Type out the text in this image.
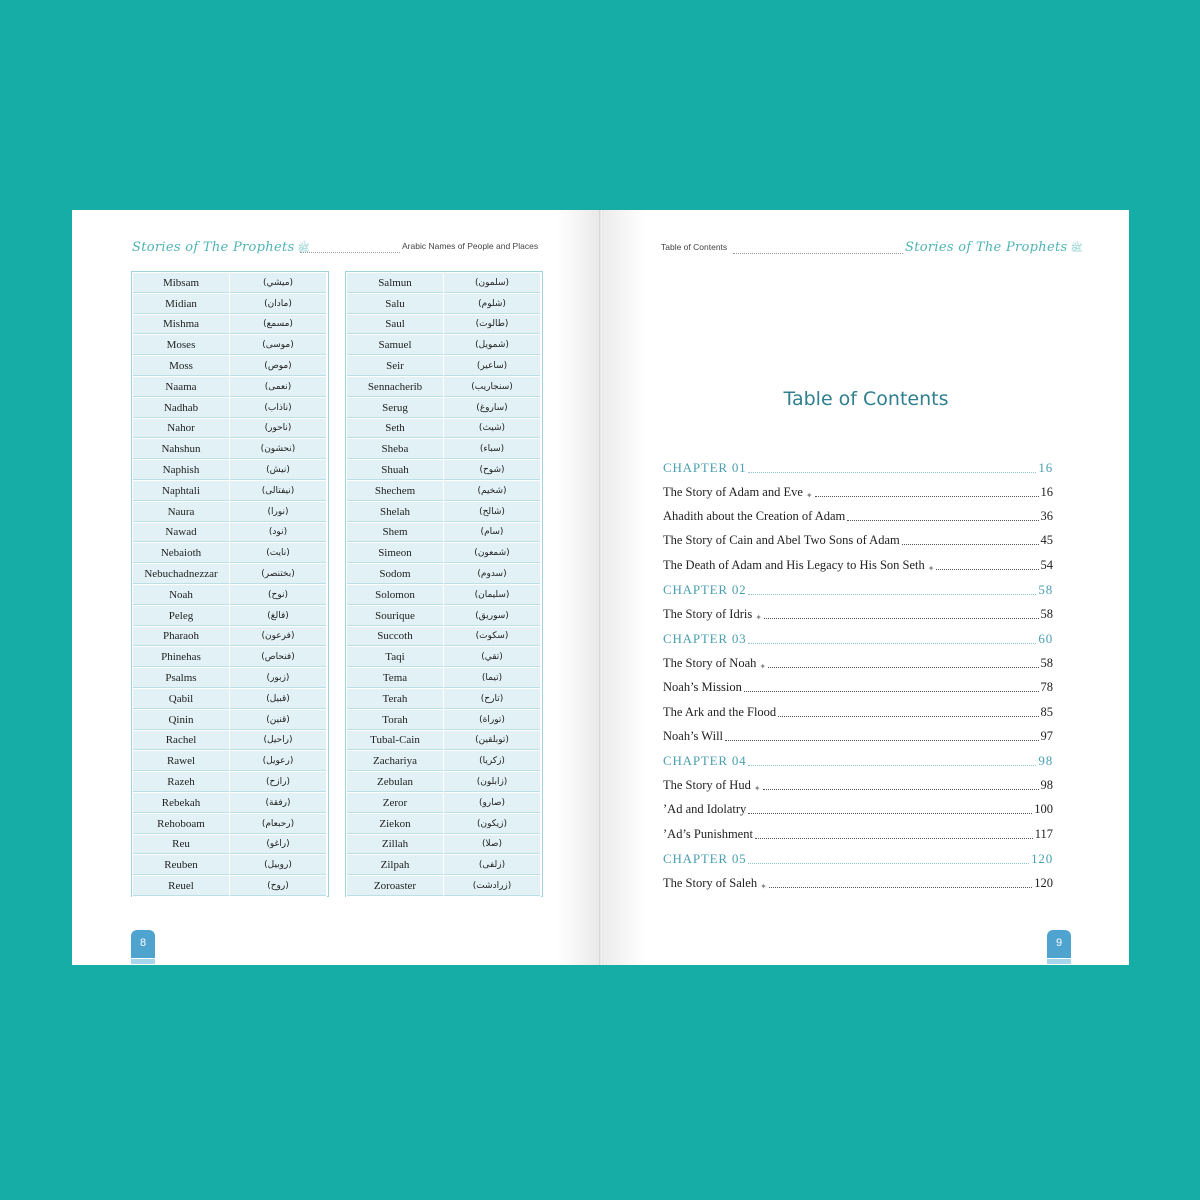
Stories of The Prophets ﷺ	Arabic Names of People and Places
Mibsam	(ميشي)
Midian	(مادان)
Mishma	(مسمع)
Moses	(موسى)
Moss	(موص)
Naama	(نعمى)
Nadhab	(ناذاب)
Nahor	(ناحور)
Nahshun	(نحشون)
Naphish	(نيش)
Naphtali	(نيفتالى)
Naura	(نورا)
Nawad	(نود)
Nebaioth	(نايت)
Nebuchadnezzar	(بختنصر)
Noah	(نوح)
Peleg	(فالغ)
Pharaoh	(فرعون)
Phinehas	(فنحاص)
Psalms	(زبور)
Qabil	(قبيل)
Qinin	(قنين)
Rachel	(راحيل)
Rawel	(رعويل)
Razeh	(رازح)
Rebekah	(رفقة)
Rehoboam	(رحبعام)
Reu	(راغو)
Reuben	(روبيل)
Reuel	(روح)
Salmun	(سلمون)
Salu	(شلوم)
Saul	(طالوت)
Samuel	(شمويل)
Seir	(ساعير)
Sennacherib	(سنجاريب)
Serug	(ساروغ)
Seth	(شيث)
Sheba	(سباء)
Shuah	(شوح)
Shechem	(شخيم)
Shelah	(شالح)
Shem	(سام)
Simeon	(شمعون)
Sodom	(سدوم)
Solomon	(سليمان)
Sourique	(سوريق)
Succoth	(سكوت)
Taqi	(تقي)
Tema	(تيما)
Terah	(تارح)
Torah	(توراة)
Tubal-Cain	(توبلقين)
Zachariya	(زكريا)
Zebulan	(زابلون)
Zeror	(صارو)
Ziekon	(زيكون)
Zillah	(صلا)
Zilpah	(زلفى)
Zoroaster	(زرادشت)
8
Table of Contents	Stories of The Prophets ﷺ
Table of Contents
CHAPTER 01	16
The Story of Adam and Eve ✦	16
Ahadith about the Creation of Adam	36
The Story of Cain and Abel Two Sons of Adam	45
The Death of Adam and His Legacy to His Son Seth ✦	54
CHAPTER 02	58
The Story of Idris ✦	58
CHAPTER 03	60
The Story of Noah ✦	58
Noah’s Mission	78
The Ark and the Flood	85
Noah’s Will	97
CHAPTER 04	98
The Story of Hud ✦	98
’Ad and Idolatry	100
’Ad’s Punishment	117
CHAPTER 05	120
The Story of Saleh ✦	120
9
